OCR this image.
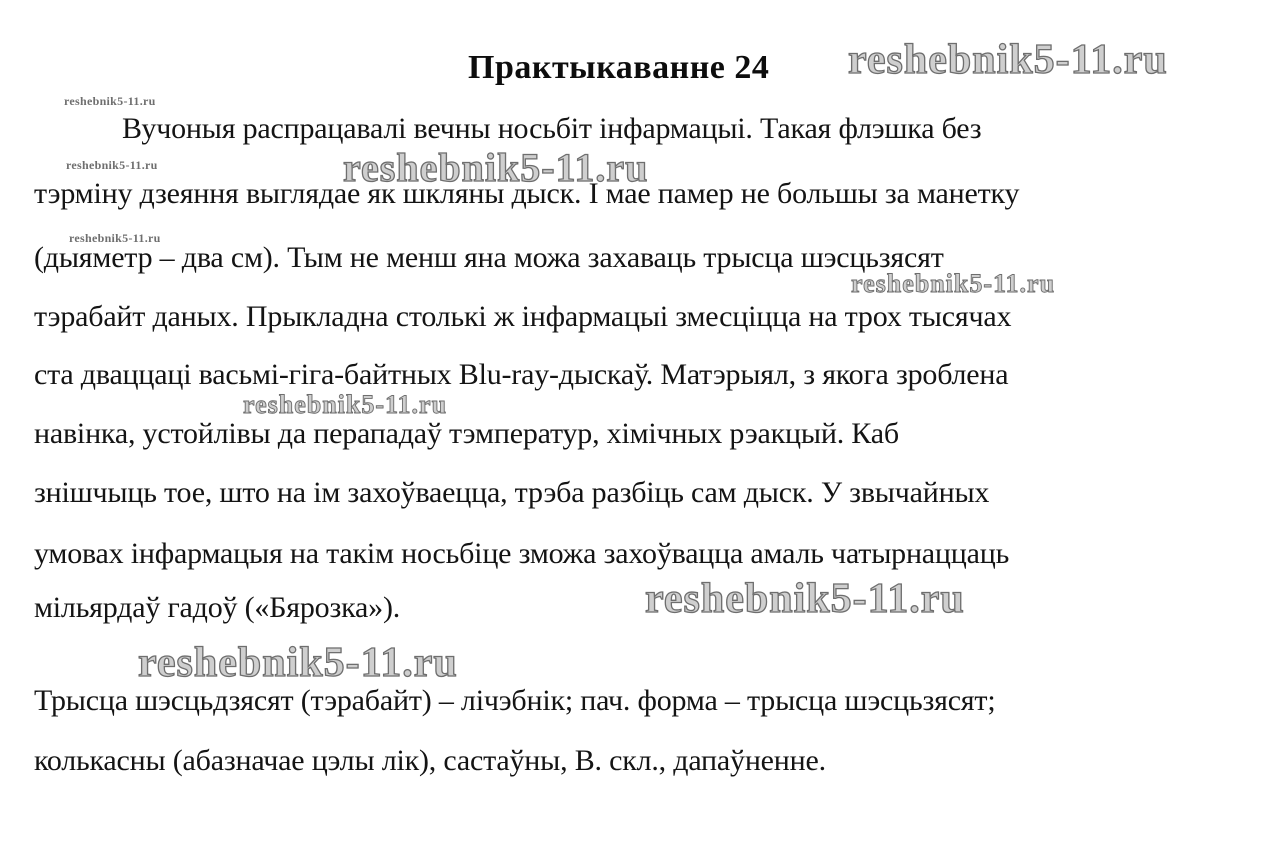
Практыкаванне 24 reshebnik5-11.ru
reshebnik5-11.ru
reshebnik5-11.ru
reshebnik5-11.ru
reshebnik5-11.ru
reshebnik5-11.ru
reshebnik5-11.ru
reshebnik5-11.ru
reshebnik5-11.ru
Вучоныя распрацавалі вечны носьбіт інфармацыі. Такая флэшка без
тэрміну дзеяння выглядае як шкляны дыск. І мае памер не большы за манетку
(дыяметр – два см). Тым не менш яна можа захаваць трысца шэсцьзясят
тэрабайт даных. Прыкладна столькі ж інфармацыі змесціцца на трох тысячах
ста дваццаці васьмі-гіга-байтных Blu-ray-дыскаў. Матэрыял, з якога зроблена
навінка, устойлівы да перападаў тэмператур, хімічных рэакцый. Каб
знішчыць тое, што на ім захоўваецца, трэба разбіць сам дыск. У звычайных
умовах інфармацыя на такім носьбіце зможа захоўвацца амаль чатырнаццаць
мільярдаў гадоў («Бярозка»).
Трысца шэсцьдзясят (тэрабайт) – лічэбнік; пач. форма – трысца шэсцьзясят;
колькасны (абазначае цэлы лік), састаўны, В. скл., дапаўненне.
